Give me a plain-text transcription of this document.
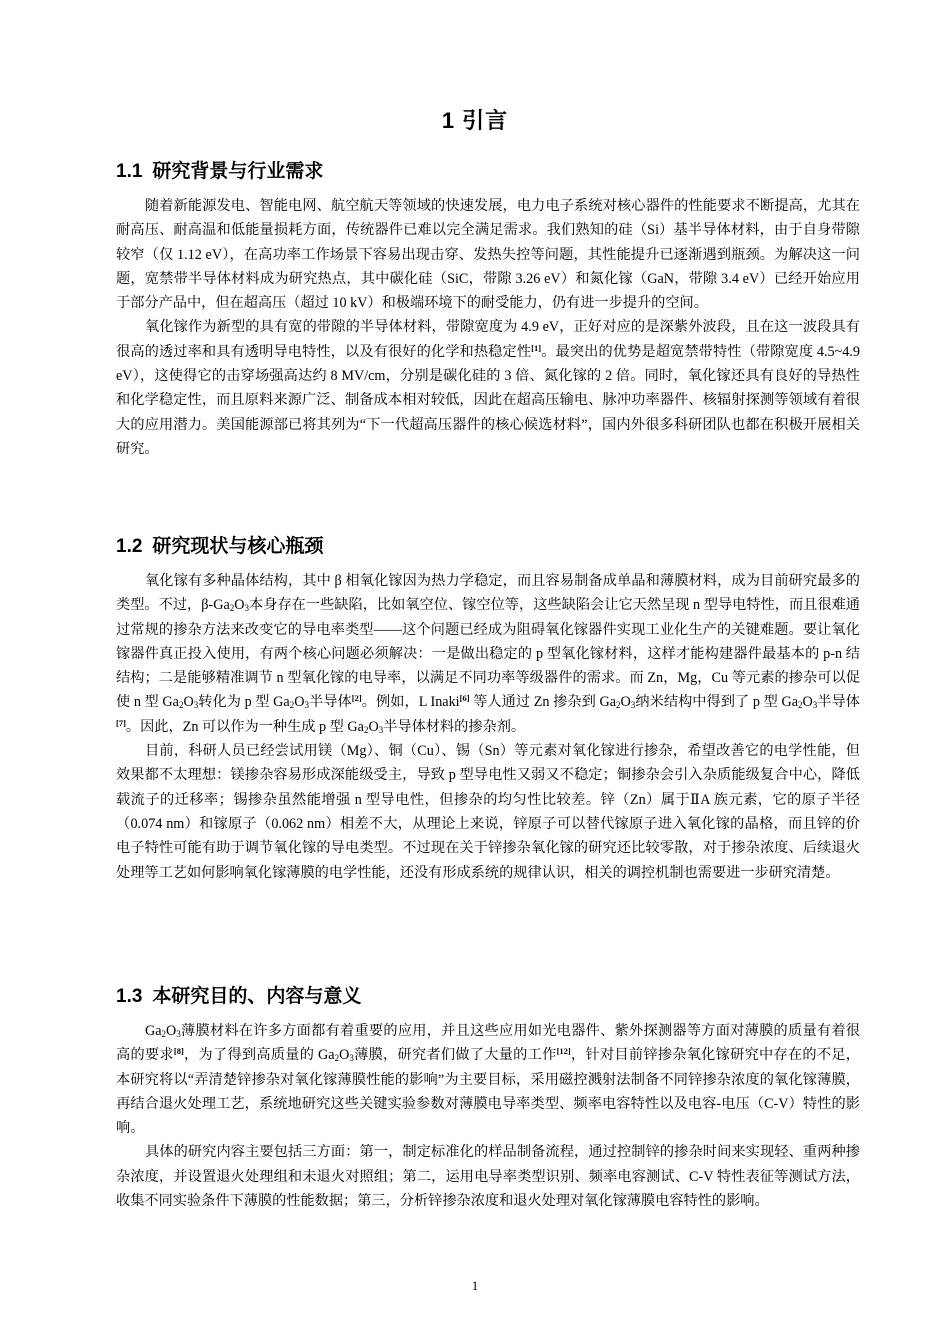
1 引言
1.1 研究背景与行业需求

随着新能源发电、智能电网、航空航天等领域的快速发展，电力电子系统对核心器件的性能要求不断提高，尤其在耐高压、耐高温和低能量损耗方面，传统器件已难以完全满足需求。我们熟知的硅（Si）基半导体材料，由于自身带隙较窄（仅 1.12 eV），在高功率工作场景下容易出现击穿、发热失控等问题，其性能提升已逐渐遇到瓶颈。为解决这一问题，宽禁带半导体材料成为研究热点，其中碳化硅（SiC，带隙 3.26 eV）和氮化镓（GaN，带隙 3.4 eV）已经开始应用于部分产品中，但在超高压（超过 10 kV）和极端环境下的耐受能力，仍有进一步提升的空间。

氧化镓作为新型的具有宽的带隙的半导体材料，带隙宽度为 4.9 eV，正好对应的是深紫外波段，且在这一波段具有很高的透过率和具有透明导电特性，以及有很好的化学和热稳定性[1]。最突出的优势是超宽禁带特性（带隙宽度 4.5~4.9 eV），这使得它的击穿场强高达约 8 MV/cm，分别是碳化硅的 3 倍、氮化镓的 2 倍。同时，氧化镓还具有良好的导热性和化学稳定性，而且原料来源广泛、制备成本相对较低，因此在超高压输电、脉冲功率器件、核辐射探测等领域有着很大的应用潜力。美国能源部已将其列为“下一代超高压器件的核心候选材料”，国内外很多科研团队也都在积极开展相关研究。

1.2 研究现状与核心瓶颈

氧化镓有多种晶体结构，其中 β 相氧化镓因为热力学稳定，而且容易制备成单晶和薄膜材料，成为目前研究最多的类型。不过，$\beta-Ga_2O_3$本身存在一些缺陷，比如氧空位、镓空位等，这些缺陷会让它天然呈现 n 型导电特性，而且很难通过常规的掺杂方法来改变它的导电率类型——这个问题已经成为阻碍氧化镓器件实现工业化生产的关键难题。要让氧化镓器件真正投入使用，有两个核心问题必须解决：一是做出稳定的 p 型氧化镓材料，这样才能构建器件最基本的 p-n 结结构；二是能够精准调节 n 型氧化镓的电导率，以满足不同功率等级器件的需求。而 Zn，Mg，Cu 等元素的掺杂可以促使 n 型 $Ga_2O_3$转化为 p 型 $Ga_2O_3$半导体[2]。例如，L Inaki[6] 等人通过 Zn 掺杂到 $Ga_2O_3$纳米结构中得到了 p 型 $Ga_2O_3$半导体[7]。因此，Zn 可以作为一种生成 p 型 $Ga_2O_3$半导体材料的掺杂剂。

目前，科研人员已经尝试用镁（Mg）、铜（Cu）、锡（Sn）等元素对氧化镓进行掺杂，希望改善它的电学性能，但效果都不太理想：镁掺杂容易形成深能级受主，导致 p 型导电性又弱又不稳定；铜掺杂会引入杂质能级复合中心，降低载流子的迁移率；锡掺杂虽然能增强 n 型导电性，但掺杂的均匀性比较差。锌（Zn）属于ⅡA 族元素，它的原子半径（0.074 nm）和镓原子（0.062 nm）相差不大，从理论上来说，锌原子可以替代镓原子进入氧化镓的晶格，而且锌的价电子特性可能有助于调节氧化镓的导电类型。不过现在关于锌掺杂氧化镓的研究还比较零散，对于掺杂浓度、后续退火处理等工艺如何影响氧化镓薄膜的电学性能，还没有形成系统的规律认识，相关的调控机制也需要进一步研究清楚。

1.3 本研究目的、内容与意义

$Ga_2O_3$薄膜材料在许多方面都有着重要的应用，并且这些应用如光电器件、紫外探测器等方面对薄膜的质量有着很高的要求[8]，为了得到高质量的 $Ga_2O_3$薄膜，研究者们做了大量的工作[12]，针对目前锌掺杂氧化镓研究中存在的不足，本研究将以“弄清楚锌掺杂对氧化镓薄膜性能的影响”为主要目标，采用磁控溅射法制备不同锌掺杂浓度的氧化镓薄膜，再结合退火处理工艺，系统地研究这些关键实验参数对薄膜电导率类型、频率电容特性以及电容-电压（C-V）特性的影响。

具体的研究内容主要包括三方面：第一，制定标准化的样品制备流程，通过控制锌的掺杂时间来实现轻、重两种掺杂浓度，并设置退火处理组和未退火对照组；第二，运用电导率类型识别、频率电容测试、C-V 特性表征等测试方法，收集不同实验条件下薄膜的性能数据；第三，分析锌掺杂浓度和退火处理对氧化镓薄膜电容特性的影响。

1
